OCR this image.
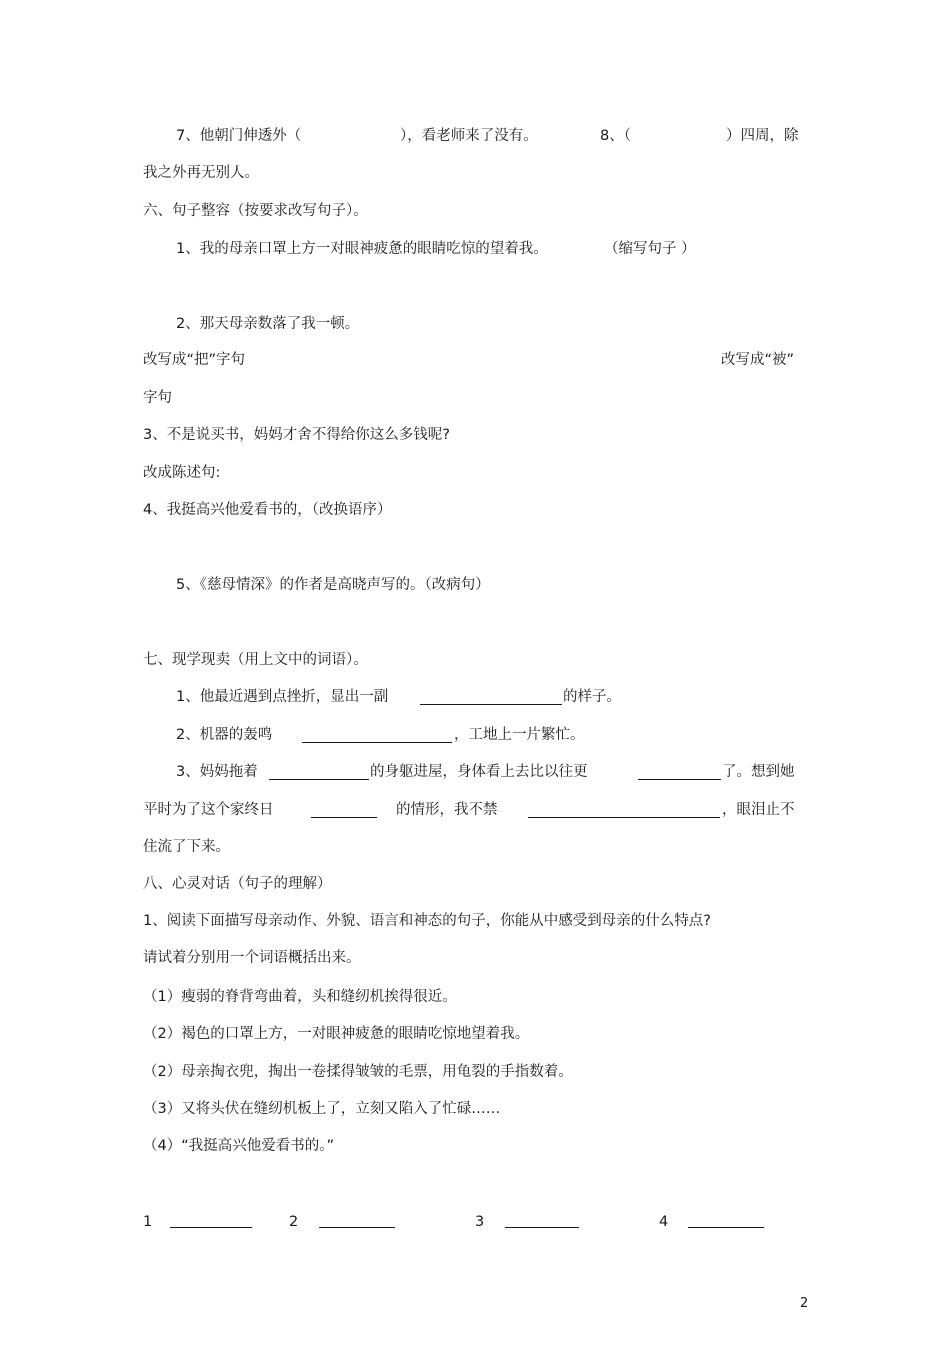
7、他朝门伸透外（	），看老师来了没有。	8、（	）四周，除
我之外再无别人。
六、句子整容（按要求改写句子）。
1、我的母亲口罩上方一对眼神疲惫的眼睛吃惊的望着我。	（缩写句子 ）
2、那天母亲数落了我一顿。
改写成“把”字句	改写成“被”
字句
3、不是说买书，妈妈才舍不得给你这么多钱呢?
改成陈述句:
4、我挺高兴他爱看书的，（改换语序）
5、《慈母情深》的作者是高晓声写的。（改病句）
七、现学现卖（用上文中的词语）。
1、他最近遇到点挫折，显出一副	的样子。
2、机器的轰鸣	，工地上一片繁忙。
3、妈妈拖着	的身躯进屋，身体看上去比以往更	了。想到她
平时为了这个家终日	的情形，我不禁	，眼泪止不
住流了下来。
八、心灵对话（句子的理解）
1、阅读下面描写母亲动作、外貌、语言和神态的句子，你能从中感受到母亲的什么特点?
请试着分别用一个词语概括出来。
（1）瘦弱的脊背弯曲着，头和缝纫机挨得很近。
（2）褐色的口罩上方，一对眼神疲惫的眼睛吃惊地望着我。
（2）母亲掏衣兜，掏出一卷揉得皱皱的毛票，用龟裂的手指数着。
（3）又将头伏在缝纫机板上了，立刻又陷入了忙碌……
（4）“我挺高兴他爱看书的。”
1	2	3	4
2
